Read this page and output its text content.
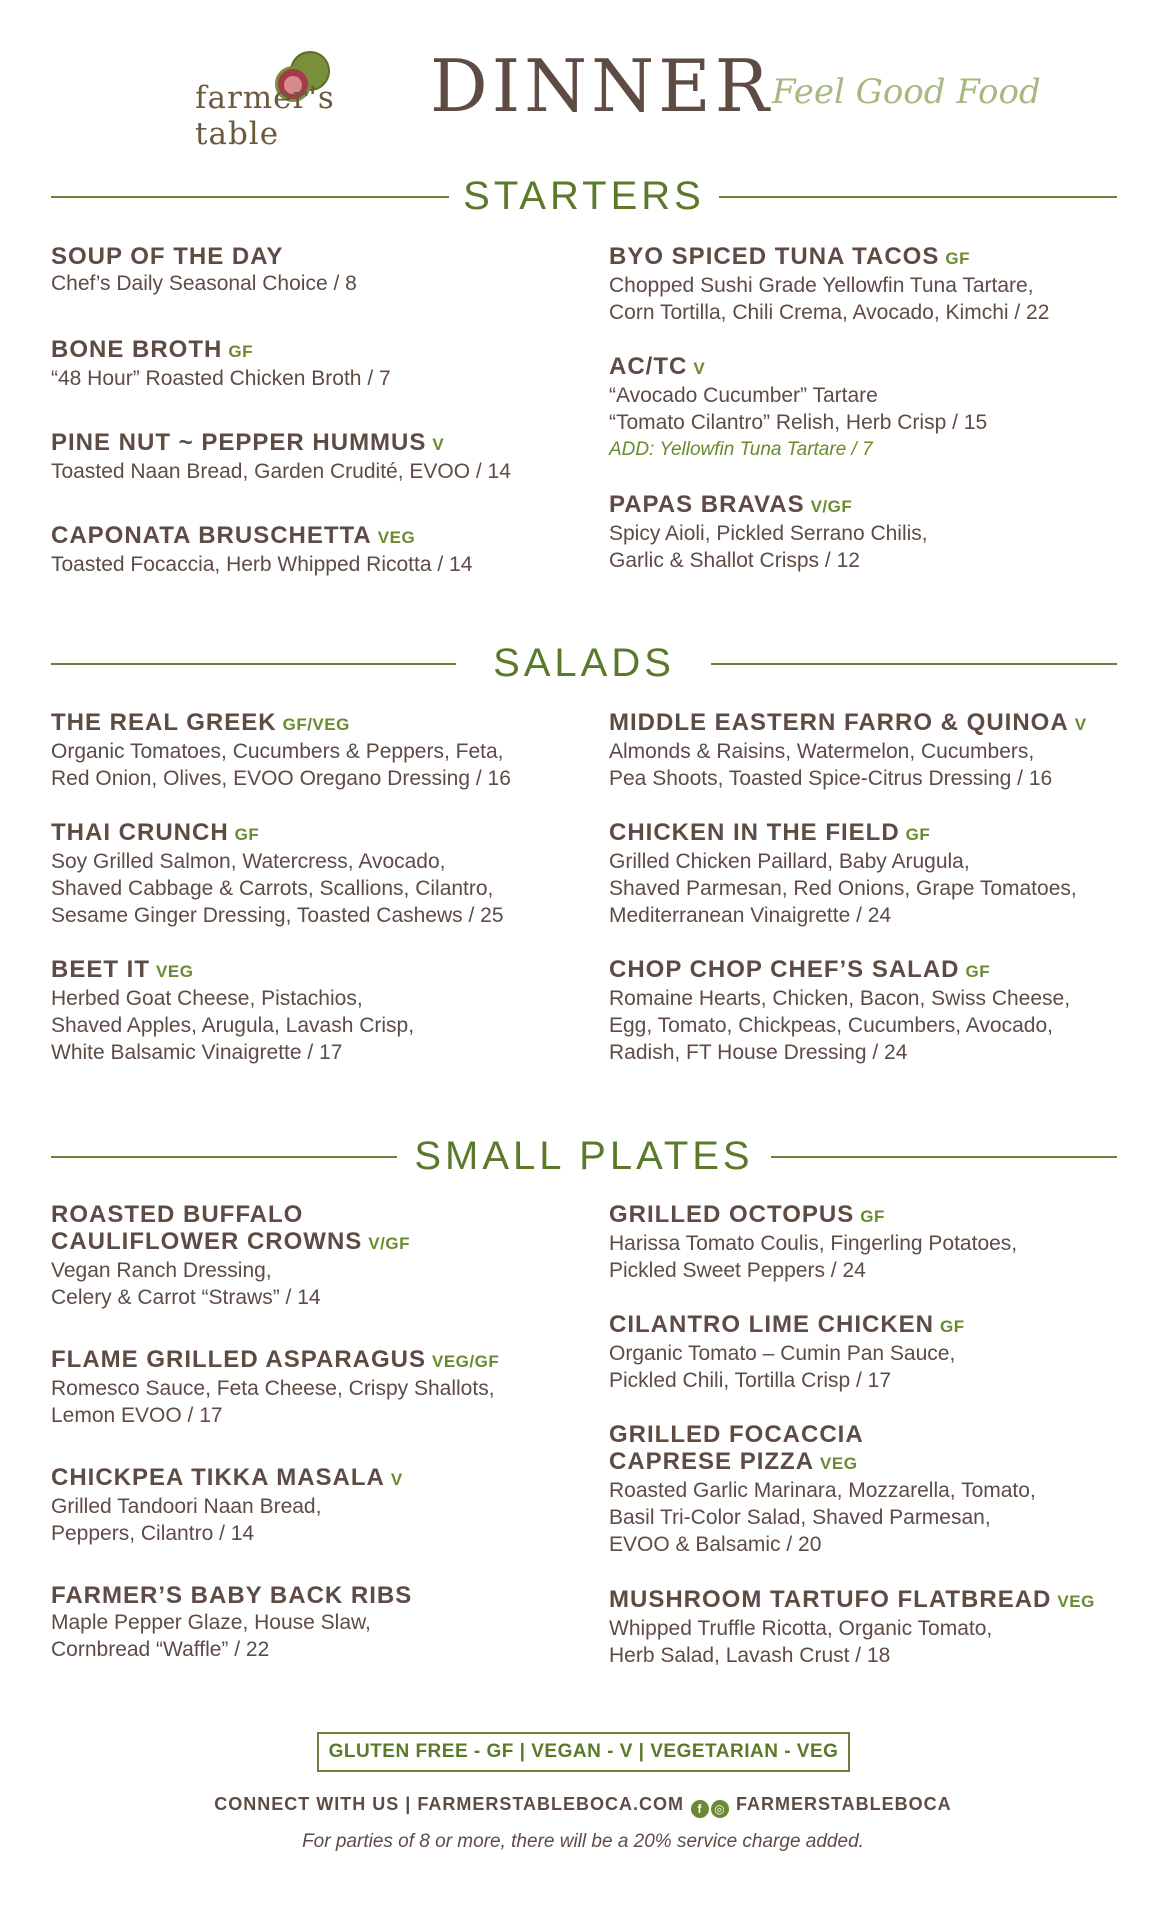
farmer's table
DINNER Feel Good Food
STARTERS
SOUP OF THE DAY
Chef’s Daily Seasonal Choice / 8
BONE BROTH GF
“48 Hour” Roasted Chicken Broth / 7
PINE NUT ~ PEPPER HUMMUS V
Toasted Naan Bread, Garden Crudité, EVOO / 14
CAPONATA BRUSCHETTA VEG
Toasted Focaccia, Herb Whipped Ricotta / 14
BYO SPICED TUNA TACOS GF
Chopped Sushi Grade Yellowfin Tuna Tartare,
Corn Tortilla, Chili Crema, Avocado, Kimchi / 22
AC/TC V
“Avocado Cucumber” Tartare
“Tomato Cilantro” Relish, Herb Crisp / 15
ADD: Yellowfin Tuna Tartare / 7
PAPAS BRAVAS V/GF
Spicy Aioli, Pickled Serrano Chilis,
Garlic & Shallot Crisps / 12
SALADS
THE REAL GREEK GF/VEG
Organic Tomatoes, Cucumbers & Peppers, Feta,
Red Onion, Olives, EVOO Oregano Dressing / 16
THAI CRUNCH GF
Soy Grilled Salmon, Watercress, Avocado,
Shaved Cabbage & Carrots, Scallions, Cilantro,
Sesame Ginger Dressing, Toasted Cashews / 25
BEET IT VEG
Herbed Goat Cheese, Pistachios,
Shaved Apples, Arugula, Lavash Crisp,
White Balsamic Vinaigrette / 17
MIDDLE EASTERN FARRO & QUINOA V
Almonds & Raisins, Watermelon, Cucumbers,
Pea Shoots, Toasted Spice-Citrus Dressing / 16
CHICKEN IN THE FIELD GF
Grilled Chicken Paillard, Baby Arugula,
Shaved Parmesan, Red Onions, Grape Tomatoes,
Mediterranean Vinaigrette / 24
CHOP CHOP CHEF’S SALAD GF
Romaine Hearts, Chicken, Bacon, Swiss Cheese,
Egg, Tomato, Chickpeas, Cucumbers, Avocado,
Radish, FT House Dressing / 24
SMALL PLATES
ROASTED BUFFALO
CAULIFLOWER CROWNS V/GF
Vegan Ranch Dressing,
Celery & Carrot “Straws” / 14
FLAME GRILLED ASPARAGUS VEG/GF
Romesco Sauce, Feta Cheese, Crispy Shallots,
Lemon EVOO / 17
CHICKPEA TIKKA MASALA V
Grilled Tandoori Naan Bread,
Peppers, Cilantro / 14
FARMER’S BABY BACK RIBS
Maple Pepper Glaze, House Slaw,
Cornbread “Waffle” / 22
GRILLED OCTOPUS GF
Harissa Tomato Coulis, Fingerling Potatoes,
Pickled Sweet Peppers / 24
CILANTRO LIME CHICKEN GF
Organic Tomato – Cumin Pan Sauce,
Pickled Chili, Tortilla Crisp / 17
GRILLED FOCACCIA
CAPRESE PIZZA VEG
Roasted Garlic Marinara, Mozzarella, Tomato,
Basil Tri-Color Salad, Shaved Parmesan,
EVOO & Balsamic / 20
MUSHROOM TARTUFO FLATBREAD VEG
Whipped Truffle Ricotta, Organic Tomato,
Herb Salad, Lavash Crust / 18
GLUTEN FREE - GF | VEGAN - V | VEGETARIAN - VEG
CONNECT WITH US | FARMERSTABLEBOCA.COM f ◎ FARMERSTABLEBOCA
For parties of 8 or more, there will be a 20% service charge added.
